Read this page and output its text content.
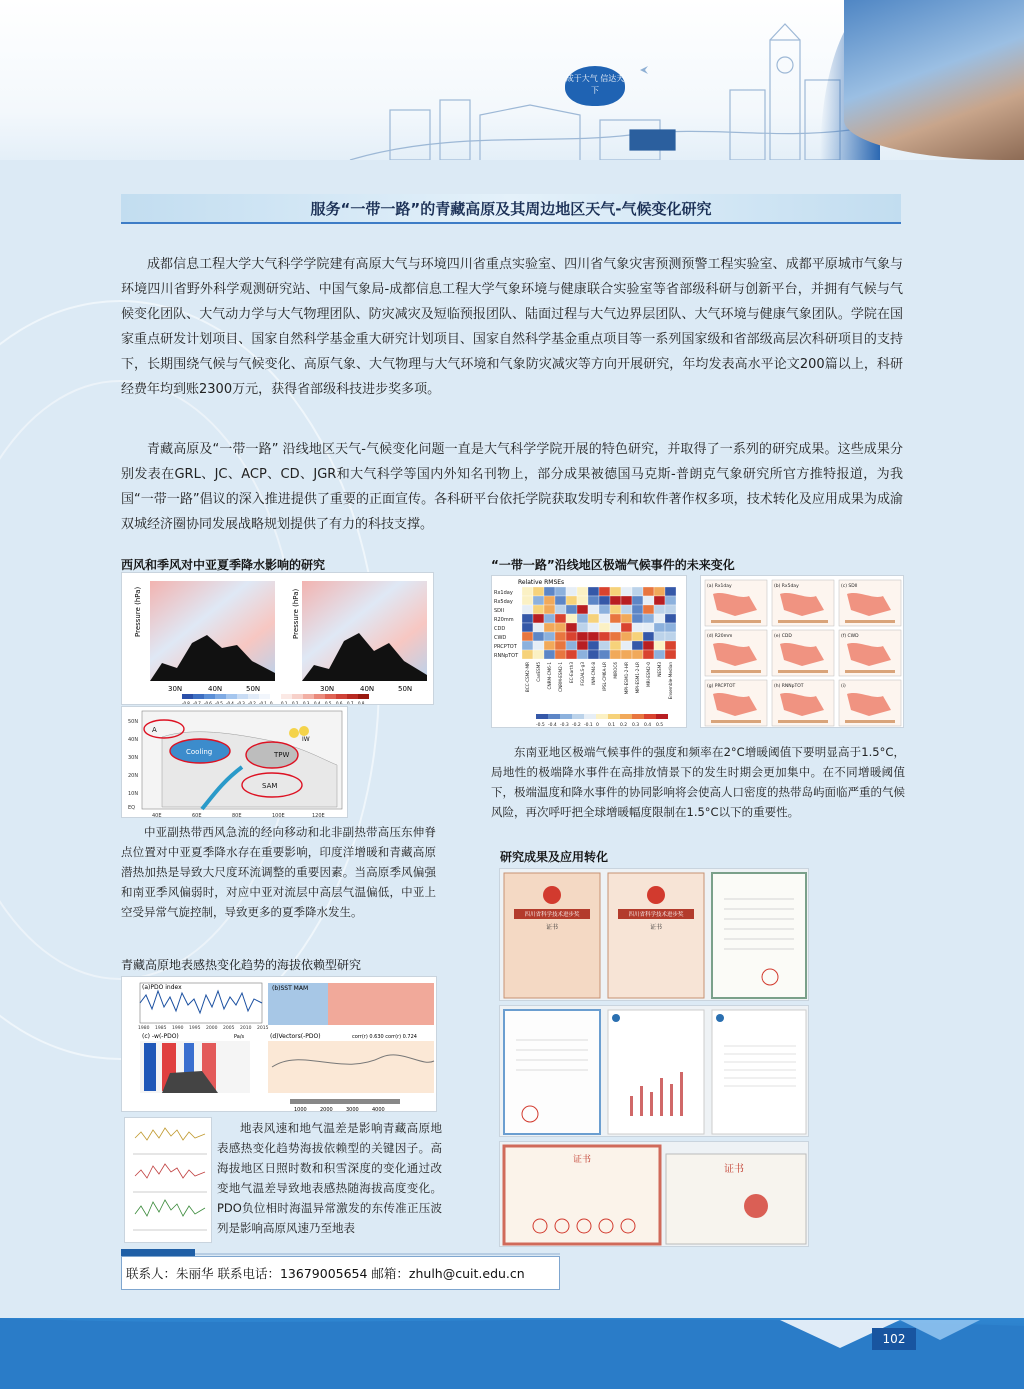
成于大气 信达天下
服务“一带一路”的青藏高原及其周边地区天气-气候变化研究

成都信息工程大学大气科学学院建有高原大气与环境四川省重点实验室、四川省气象灾害预测预警工程实验室、成都平原城市气象与环境四川省野外科学观测研究站、中国气象局-成都信息工程大学气象环境与健康联合实验室等省部级科研与创新平台，并拥有气候与气候变化团队、大气动力学与大气物理团队、防灾减灾及短临预报团队、陆面过程与大气边界层团队、大气环境与健康气象团队。学院在国家重点研发计划项目、国家自然科学基金重大研究计划项目、国家自然科学基金重点项目等一系列国家级和省部级高层次科研项目的支持下，长期围绕气候与气候变化、高原气象、大气物理与大气环境和气象防灾减灾等方向开展研究，年均发表高水平论文200篇以上，科研经费年均到账2300万元，获得省部级科技进步奖多项。

青藏高原及“一带一路” 沿线地区天气-气候变化问题一直是大气科学学院开展的特色研究，并取得了一系列的研究成果。这些成果分别发表在GRL、JC、ACP、CD、JGR和大气科学等国内外知名刊物上，部分成果被德国马克斯-普朗克气象研究所官方推特报道，为我国“一带一路”倡议的深入推进提供了重要的正面宣传。各科研平台依托学院获取发明专利和软件著作权多项，技术转化及应用成果为成渝双城经济圈协同发展战略规划提供了有力的科技支撑。

西风和季风对中亚夏季降水影响的研究
Pressure (hPa)	Pressure (hPa)
30N	40N	50N	30N	40N	50N
-0.8 -0.7 -0.6 -0.5 -0.4 -0.3 -0.2 -0.1 0 0.1 0.2 0.3 0.4 0.5 0.6 0.7 0.8
A
Cooling	TPW
IW
SAM
50N
40N
30N
20N
10N
EQ
40E	60E	80E	100E	120E

中亚副热带西风急流的经向移动和北非副热带高压东伸脊点位置对中亚夏季降水存在重要影响，印度洋增暖和青藏高原潜热加热是导致大尺度环流调整的重要因素。当高原季风偏强和南亚季风偏弱时，对应中亚对流层中高层气温偏低，中亚上空受异常气旋控制，导致更多的夏季降水发生。

青藏高原地表感热变化趋势的海拔依赖型研究
(a)PDO index
1980 1985 1990 1995 2000 2005 2010 2015
(b)SST MAM
(c) -w(-PDO)	Pa/s	(d)Vectors(-PDO)	corr(r) 0.630 corr(r) 0.724
1000	2000	3000	4000

地表风速和地气温差是影响青藏高原地表感热变化趋势海拔依赖型的关键因子。高海拔地区日照时数和积雪深度的变化通过改变地气温差导致地表感热随海拔高度变化。PDO负位相时海温异常激发的东传准正压波列是影响高原风速乃至地表

“一带一路”沿线地区极端气候事件的未来变化
Relative RMSEs
Rx1day
Rx5day
SDII
R20mm
CDD
CWD
PRCPTOT
RNNpTOT
BCC-CSM2-MR CanESM5 CNRM-CM6-1 CNRM-ESM2-1 EC-Earth3 FGOALS-g3 INM-CM4-8 IPSL-CM6A-LR MIROC6 MPI-ESM1-2-HR MPI-ESM1-2-LR MRI-ESM2-0 NESM3 Ensemble-Median
-0.5 -0.4 -0.3 -0.2 -0.1 0 0.1 0.2 0.3 0.4 0.5
(a) Rx1day	(b) Rx5day	(c) SDII
(d) R20mm	(e) CDD	(f) CWD
(g) PRCPTOT	(h) RNNpTOT	(i)

东南亚地区极端气候事件的强度和频率在2°C增暖阈值下要明显高于1.5°C，局地性的极端降水事件在高排放情景下的发生时期会更加集中。在不同增暖阈值下，极端温度和降水事件的协同影响将会使高人口密度的热带岛屿面临严重的气候风险，再次呼吁把全球增暖幅度限制在1.5°C以下的重要性。

研究成果及应用转化
四川省科学技术进步奖
证书
四川省科学技术进步奖
证书
证书
证书
联系人：朱丽华 联系电话：13679005654 邮箱：zhulh@cuit.edu.cn
102
